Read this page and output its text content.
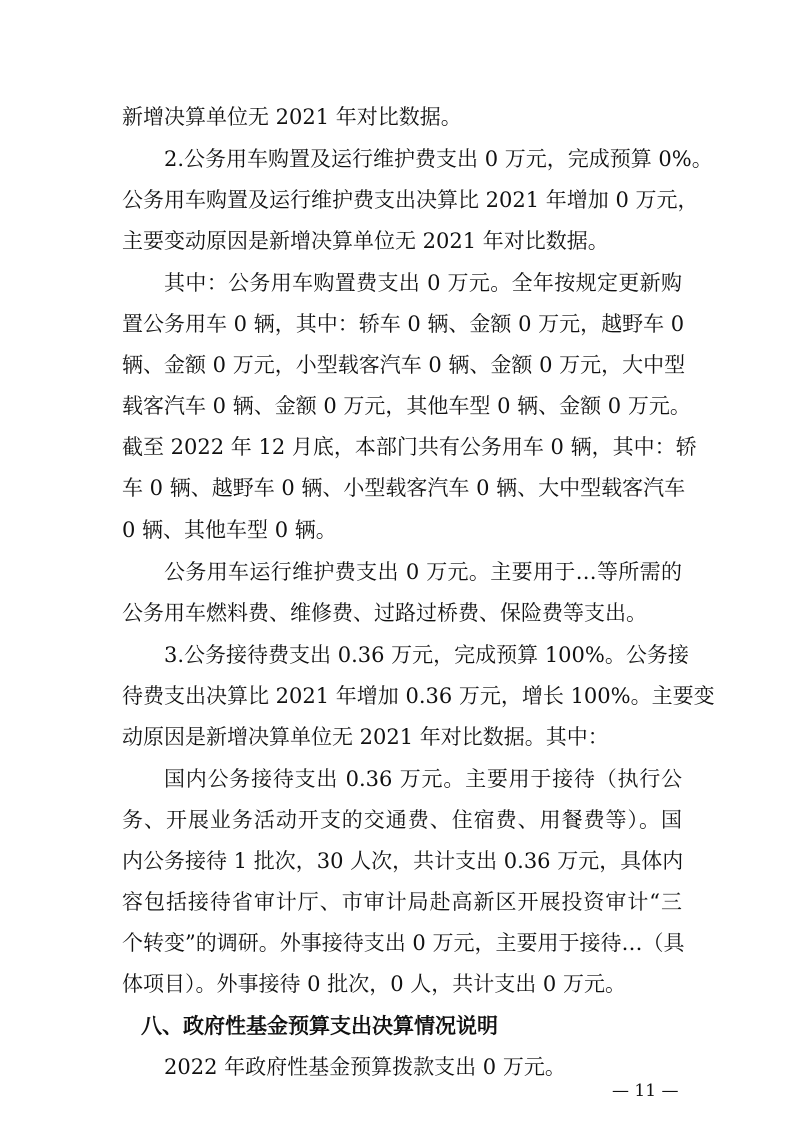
新增决算单位无 2021 年对比数据。
2.公务用车购置及运行维护费支出 0 万元，完成预算 0%。
公务用车购置及运行维护费支出决算比 2021 年增加 0 万元，
主要变动原因是新增决算单位无 2021 年对比数据。
其中：公务用车购置费支出 0 万元。全年按规定更新购
置公务用车 0 辆，其中：轿车 0 辆、金额 0 万元，越野车 0
辆、金额 0 万元，小型载客汽车 0 辆、金额 0 万元，大中型
载客汽车 0 辆、金额 0 万元，其他车型 0 辆、金额 0 万元。
截至 2022 年 12 月底，本部门共有公务用车 0 辆，其中：轿
车 0 辆、越野车 0 辆、小型载客汽车 0 辆、大中型载客汽车
0 辆、其他车型 0 辆。
公务用车运行维护费支出 0 万元。主要用于…等所需的
公务用车燃料费、维修费、过路过桥费、保险费等支出。
3.公务接待费支出 0.36 万元，完成预算 100%。公务接
待费支出决算比 2021 年增加 0.36 万元，增长 100%。主要变
动原因是新增决算单位无 2021 年对比数据。其中：
国内公务接待支出 0.36 万元。主要用于接待（执行公
务、开展业务活动开支的交通费、住宿费、用餐费等）。国
内公务接待 1 批次，30 人次，共计支出 0.36 万元，具体内
容包括接待省审计厅、市审计局赴高新区开展投资审计“三
个转变”的调研。外事接待支出 0 万元，主要用于接待…（具
体项目）。外事接待 0 批次，0 人，共计支出 0 万元。
八、政府性基金预算支出决算情况说明
2022 年政府性基金预算拨款支出 0 万元。
— 11 —
